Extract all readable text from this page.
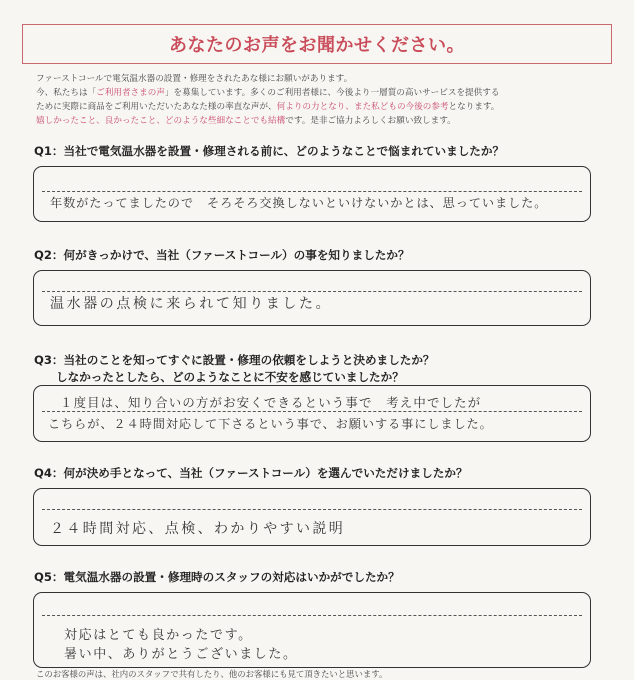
あなたのお声をお聞かせください。
ファーストコールで電気温水器の設置・修理をされたあな様にお願いがあります。
今、私たちは「ご利用者さまの声」を募集しています。多くのご利用者様に、今後より一層質の高いサービスを提供する
ために実際に商品をご利用いただいたあなた様の率直な声が、何よりの力となり、また私どもの今後の参考となります。
嬉しかったこと、良かったこと、どのような些細なことでも結構です。是非ご協力よろしくお願い致します。
Q1：当社で電気温水器を設置・修理される前に、どのようなことで悩まれていましたか？
年数がたってましたので　そろそろ交換しないといけないかとは、思っていました。
Q2：何がきっかけで、当社（ファーストコール）の事を知りましたか？
温水器の点検に来られて知りました。
Q3：当社のことを知ってすぐに設置・修理の依頼をしようと決めましたか？
しなかったとしたら、どのようなことに不安を感じていましたか？
１度目は、知り合いの方がお安くできるという事で　考え中でしたが
こちらが、２４時間対応して下さるという事で、お願いする事にしました。
Q4：何が決め手となって、当社（ファーストコール）を選んでいただけましたか？
２４時間対応、点検、わかりやすい説明
Q5：電気温水器の設置・修理時のスタッフの対応はいかがでしたか？
対応はとても良かったです。
暑い中、ありがとうございました。
このお客様の声は、社内のスタッフで共有したり、他のお客様にも見て頂きたいと思います。
